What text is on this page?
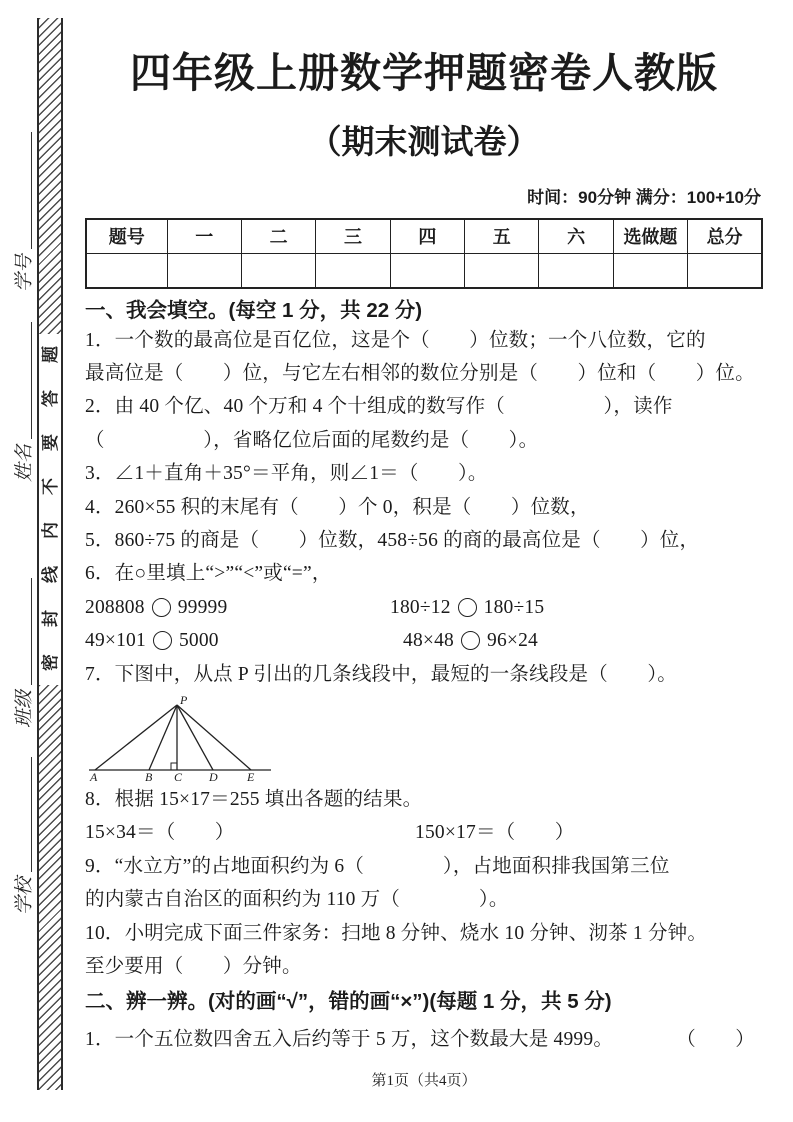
题
答
要
不
内
线
封
密
学号
姓名
班级
学校
四年级上册数学押题密卷人教版
（期末测试卷）
时间：90分钟 满分：100+10分
题号	一	二	三	四	五	六	选做题	总分

一、我会填空。(每空 1 分，共 22 分)
1．一个数的最高位是百亿位，这是个（　　）位数；一个八位数，它的
最高位是（　　）位，与它左右相邻的数位分别是（　　）位和（　　）位。
2．由 40 个亿、40 个万和 4 个十组成的数写作（　　　　　），读作
（　　　　　），省略亿位后面的尾数约是（　　）。
3．∠1＋直角＋35°＝平角，则∠1＝（　　）。
4．260×55 积的末尾有（　　）个 0，积是（　　）位数，
5．860÷75 的商是（　　）位数，458÷56 的商的最高位是（　　）位，
6．在○里填上“>”“<”或“=”，
208808 99999	180÷12 180÷15
49×101 5000	48×48 96×24
7．下图中，从点 P 引出的几条线段中，最短的一条线段是（　　）。
P
A	B C D E
8．根据 15×17＝255 填出各题的结果。
15×34＝（　　）	150×17＝（　　）
9．“水立方”的占地面积约为 6（　　　　），占地面积排我国第三位
的内蒙古自治区的面积约为 110 万（　　　　）。
10．小明完成下面三件家务：扫地 8 分钟、烧水 10 分钟、沏茶 1 分钟。
至少要用（　　）分钟。
二、辨一辨。(对的画“√”，错的画“×”)(每题 1 分，共 5 分)
1．一个五位数四舍五入后约等于 5 万，这个数最大是 4999。	（　　）
第1页（共4页）
